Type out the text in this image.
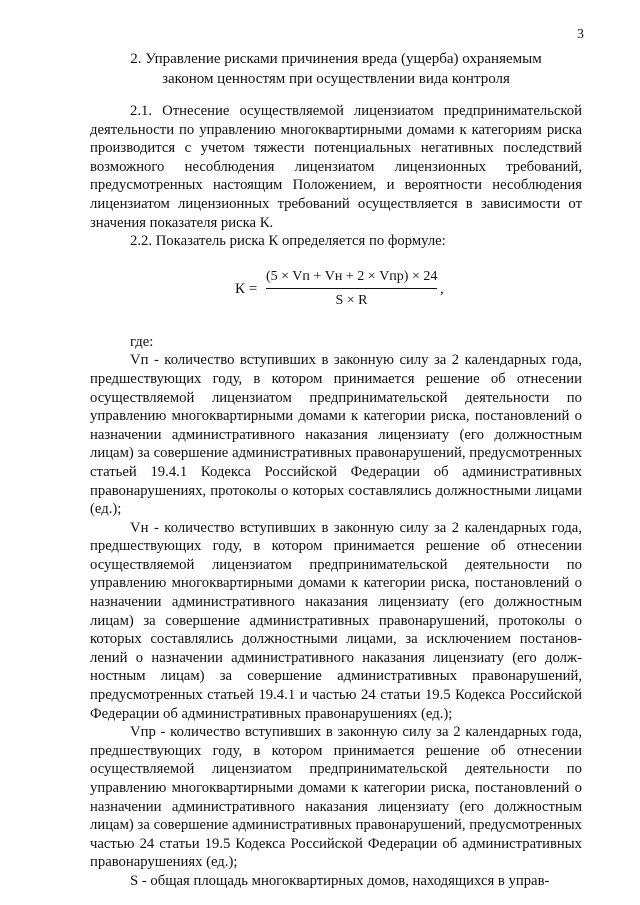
3
2. Управление рисками причинения вреда (ущерба) охраняемым
законом ценностям при осуществлении вида контроля

2.1. Отнесение осуществляемой лицензиатом предпринимательской деятельности по управлению многоквартирными домами к категориям риска производится с учетом тяжести потенциальных негативных последствий возможного несоблюдения лицензиатом лицензионных требований, предусмотренных настоящим Положением, и вероятности несоблюдения лицензиатом лицензионных требований осуществляется в зависимости от значения показателя риска К.

2.2. Показатель риска К определяется по формуле:

К =
(5 × Vп + Vн + 2 × Vпр) × 24
S × R
,

где:

Vп - количество вступивших в законную силу за 2 календарных года, предшествующих году, в котором принимается решение об отнесении осуществляемой лицензиатом предпринимательской деятельности по управлению многоквартирными домами к категории риска, постановлений о назначении административного наказания лицензиату (его должностным лицам) за совершение административных правонарушений, предусмотренных статьей 19.4.1 Кодекса Российской Федерации об административных правонарушениях, протоколы о которых составлялись должностными лицами (ед.);

Vн - количество вступивших в законную силу за 2 календарных года, предшествующих году, в котором принимается решение об отнесении осуществляемой лицензиатом предпринимательской деятельности по управлению многоквартирными домами к категории риска, постановлений о назначении административного наказания лицензиату (его должностным лицам) за совершение административных правонарушений, протоколы о которых составлялись должностными лицами, за исключением постановлений о назначении административного наказания лицензиату (его должностным лицам) за совершение административных правонарушений, предусмотренных статьей 19.4.1 и частью 24 статьи 19.5 Кодекса Российской Федерации об административных правонарушениях (ед.);

Vпр - количество вступивших в законную силу за 2 календарных года, предшествующих году, в котором принимается решение об отнесении осуществляемой лицензиатом предпринимательской деятельности по управлению многоквартирными домами к категории риска, постановлений о назначении административного наказания лицензиату (его должностным лицам) за совершение административных правонарушений, предусмотренных частью 24 статьи 19.5 Кодекса Российской Федерации об административных правонарушениях (ед.);

S - общая площадь многоквартирных домов, находящихся в управ-
